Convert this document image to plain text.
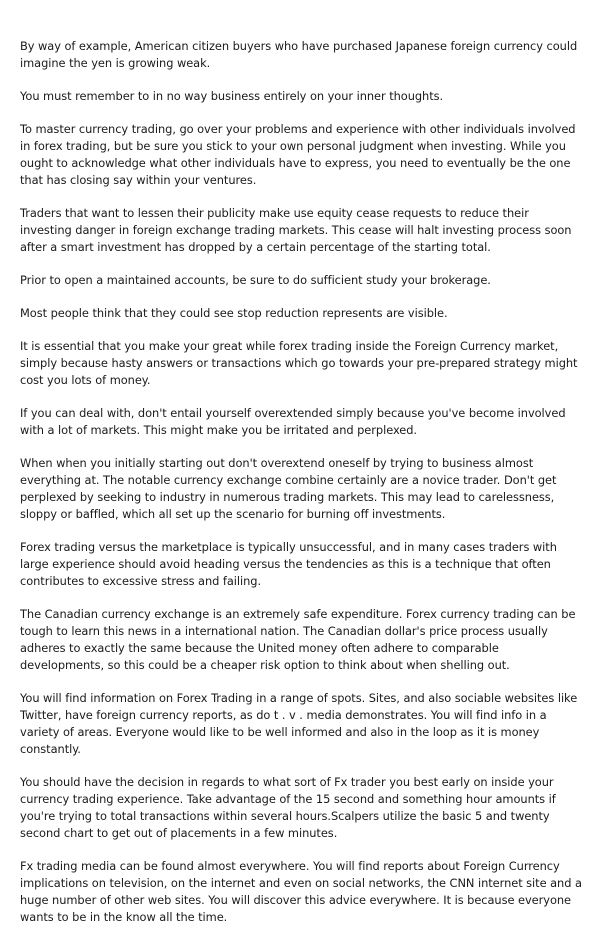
By way of example, American citizen buyers who have purchased Japanese foreign currency could imagine the yen is growing weak.

You must remember to in no way business entirely on your inner thoughts.

To master currency trading, go over your problems and experience with other individuals involved in forex trading, but be sure you stick to your own personal judgment when investing. While you ought to acknowledge what other individuals have to express, you need to eventually be the one that has closing say within your ventures.

Traders that want to lessen their publicity make use equity cease requests to reduce their investing danger in foreign exchange trading markets. This cease will halt investing process soon after a smart investment has dropped by a certain percentage of the starting total.

Prior to open a maintained accounts, be sure to do sufficient study your brokerage.

Most people think that they could see stop reduction represents are visible.

It is essential that you make your great while forex trading inside the Foreign Currency market, simply because hasty answers or transactions which go towards your pre-prepared strategy might cost you lots of money.

If you can deal with, don't entail yourself overextended simply because you've become involved with a lot of markets. This might make you be irritated and perplexed.

When when you initially starting out don't overextend oneself by trying to business almost everything at. The notable currency exchange combine certainly are a novice trader. Don't get perplexed by seeking to industry in numerous trading markets. This may lead to carelessness, sloppy or baffled, which all set up the scenario for burning off investments.

Forex trading versus the marketplace is typically unsuccessful, and in many cases traders with large experience should avoid heading versus the tendencies as this is a technique that often contributes to excessive stress and failing.

The Canadian currency exchange is an extremely safe expenditure. Forex currency trading can be tough to learn this news in a international nation. The Canadian dollar's price process usually adheres to exactly the same because the United money often adhere to comparable developments, so this could be a cheaper risk option to think about when shelling out.

You will find information on Forex Trading in a range of spots. Sites, and also sociable websites like Twitter, have foreign currency reports, as do t . v . media demonstrates. You will find info in a variety of areas. Everyone would like to be well informed and also in the loop as it is money constantly.

You should have the decision in regards to what sort of Fx trader you best early on inside your currency trading experience. Take advantage of the 15 second and something hour amounts if you're trying to total transactions within several hours.Scalpers utilize the basic 5 and twenty second chart to get out of placements in a few minutes.

Fx trading media can be found almost everywhere. You will find reports about Foreign Currency implications on television, on the internet and even on social networks, the CNN internet site and a huge number of other web sites. You will discover this advice everywhere. It is because everyone wants to be in the know all the time.
